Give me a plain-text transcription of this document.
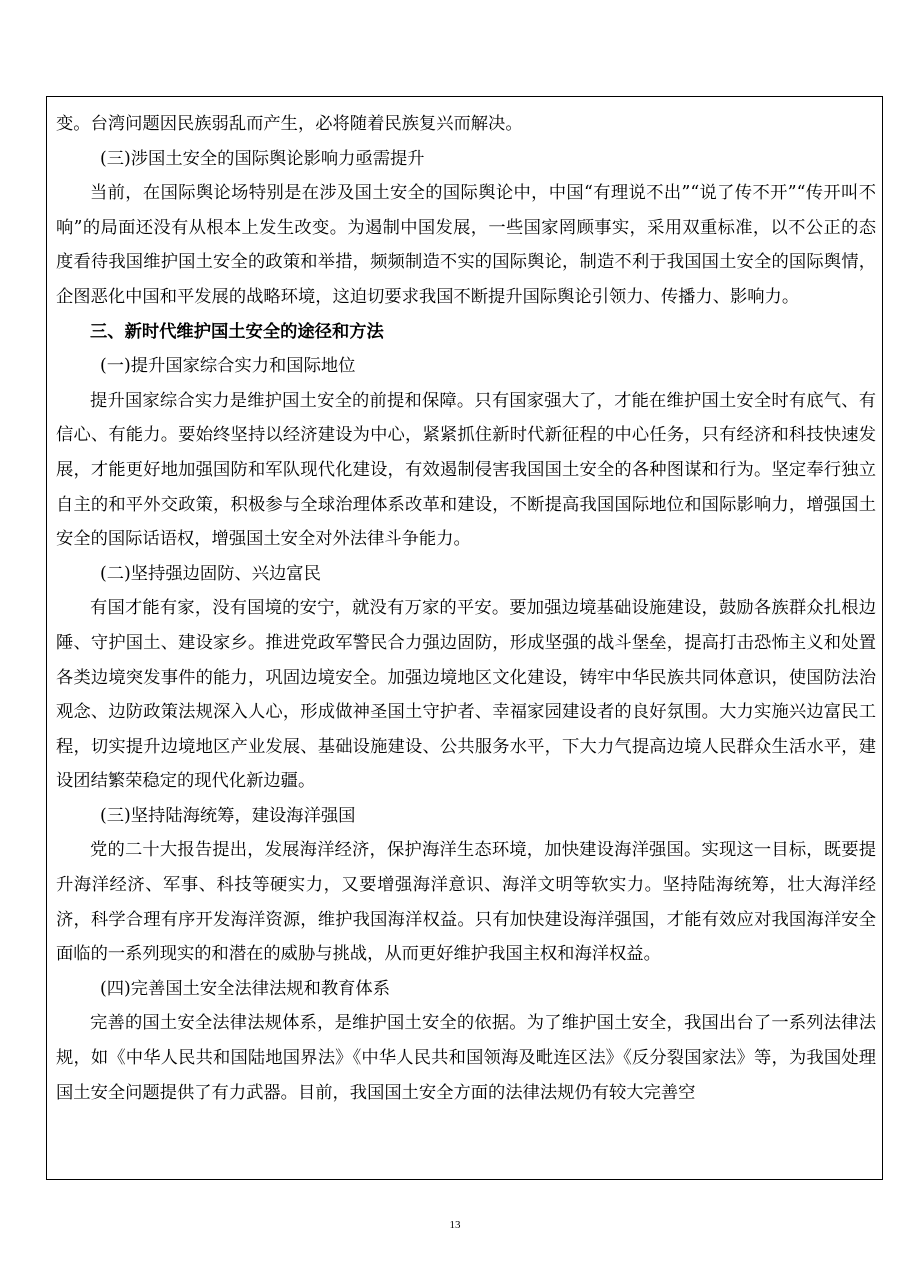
变。台湾问题因民族弱乱而产生，必将随着民族复兴而解决。

(三)涉国土安全的国际舆论影响力亟需提升

当前，在国际舆论场特别是在涉及国土安全的国际舆论中，中国“有理说不出”“说了传不开”“传开叫不响”的局面还没有从根本上发生改变。为遏制中国发展，一些国家罔顾事实，采用双重标准，以不公正的态度看待我国维护国土安全的政策和举措，频频制造不实的国际舆论，制造不利于我国国土安全的国际舆情，企图恶化中国和平发展的战略环境，这迫切要求我国不断提升国际舆论引领力、传播力、影响力。

三、新时代维护国土安全的途径和方法

(一)提升国家综合实力和国际地位

提升国家综合实力是维护国土安全的前提和保障。只有国家强大了，才能在维护国土安全时有底气、有信心、有能力。要始终坚持以经济建设为中心，紧紧抓住新时代新征程的中心任务，只有经济和科技快速发展，才能更好地加强国防和军队现代化建设，有效遏制侵害我国国土安全的各种图谋和行为。坚定奉行独立自主的和平外交政策，积极参与全球治理体系改革和建设，不断提高我国国际地位和国际影响力，增强国土安全的国际话语权，增强国土安全对外法律斗争能力。

(二)坚持强边固防、兴边富民

有国才能有家，没有国境的安宁，就没有万家的平安。要加强边境基础设施建设，鼓励各族群众扎根边陲、守护国土、建设家乡。推进党政军警民合力强边固防，形成坚强的战斗堡垒，提高打击恐怖主义和处置各类边境突发事件的能力，巩固边境安全。加强边境地区文化建设，铸牢中华民族共同体意识，使国防法治观念、边防政策法规深入人心，形成做神圣国土守护者、幸福家园建设者的良好氛围。大力实施兴边富民工程，切实提升边境地区产业发展、基础设施建设、公共服务水平，下大力气提高边境人民群众生活水平，建设团结繁荣稳定的现代化新边疆。

(三)坚持陆海统筹，建设海洋强国

党的二十大报告提出，发展海洋经济，保护海洋生态环境，加快建设海洋强国。实现这一目标，既要提升海洋经济、军事、科技等硬实力，又要增强海洋意识、海洋文明等软实力。坚持陆海统筹，壮大海洋经济，科学合理有序开发海洋资源，维护我国海洋权益。只有加快建设海洋强国，才能有效应对我国海洋安全面临的一系列现实的和潜在的威胁与挑战，从而更好维护我国主权和海洋权益。

(四)完善国土安全法律法规和教育体系

完善的国土安全法律法规体系，是维护国土安全的依据。为了维护国土安全，我国出台了一系列法律法规，如《中华人民共和国陆地国界法》《中华人民共和国领海及毗连区法》《反分裂国家法》等，为我国处理国土安全问题提供了有力武器。目前，我国国土安全方面的法律法规仍有较大完善空

13
